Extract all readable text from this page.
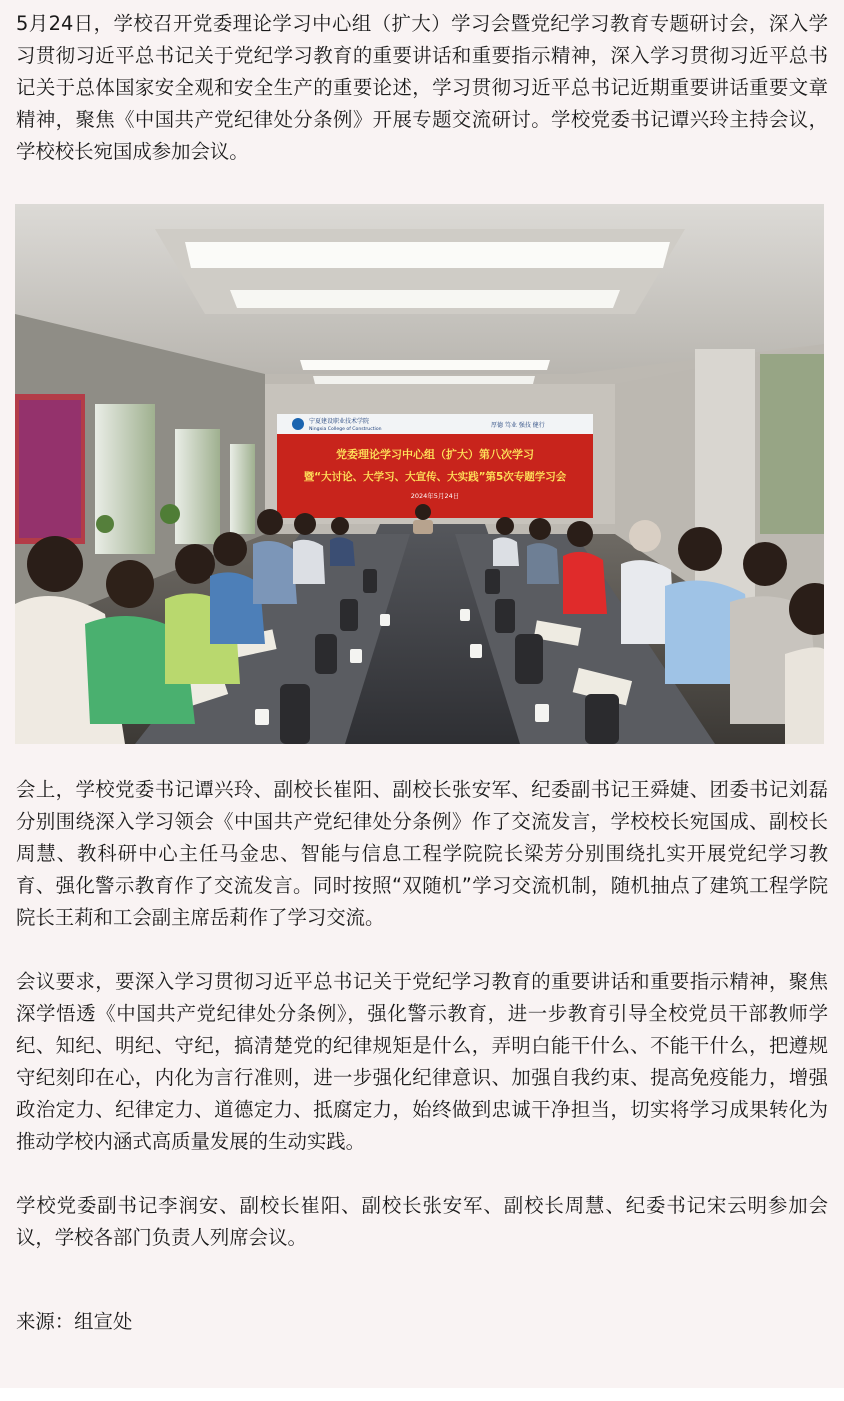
5月24日，学校召开党委理论学习中心组（扩大）学习会暨党纪学习教育专题研讨会，深入学习贯彻习近平总书记关于党纪学习教育的重要讲话和重要指示精神，深入学习贯彻习近平总书记关于总体国家安全观和安全生产的重要论述，学习贯彻习近平总书记近期重要讲话重要文章精神，聚焦《中国共产党纪律处分条例》开展专题交流研讨。学校党委书记谭兴玲主持会议，学校校长宛国成参加会议。

宁夏建设职业技术学院
Ningxia College of Construction
厚德 笃业 强技 健行
党委理论学习中心组（扩大）第八次学习
暨“大讨论、大学习、大宣传、大实践”第5次专题学习会
2024年5月24日

会上，学校党委书记谭兴玲、副校长崔阳、副校长张安军、纪委副书记王舜婕、团委书记刘磊分别围绕深入学习领会《中国共产党纪律处分条例》作了交流发言，学校校长宛国成、副校长周慧、教科研中心主任马金忠、智能与信息工程学院院长梁芳分别围绕扎实开展党纪学习教育、强化警示教育作了交流发言。同时按照“双随机”学习交流机制，随机抽点了建筑工程学院院长王莉和工会副主席岳莉作了学习交流。

会议要求，要深入学习贯彻习近平总书记关于党纪学习教育的重要讲话和重要指示精神，聚焦深学悟透《中国共产党纪律处分条例》，强化警示教育，进一步教育引导全校党员干部教师学纪、知纪、明纪、守纪，搞清楚党的纪律规矩是什么，弄明白能干什么、不能干什么，把遵规守纪刻印在心，内化为言行准则，进一步强化纪律意识、加强自我约束、提高免疫能力，增强政治定力、纪律定力、道德定力、抵腐定力，始终做到忠诚干净担当，切实将学习成果转化为推动学校内涵式高质量发展的生动实践。

学校党委副书记李润安、副校长崔阳、副校长张安军、副校长周慧、纪委书记宋云明参加会议，学校各部门负责人列席会议。

来源：组宣处
